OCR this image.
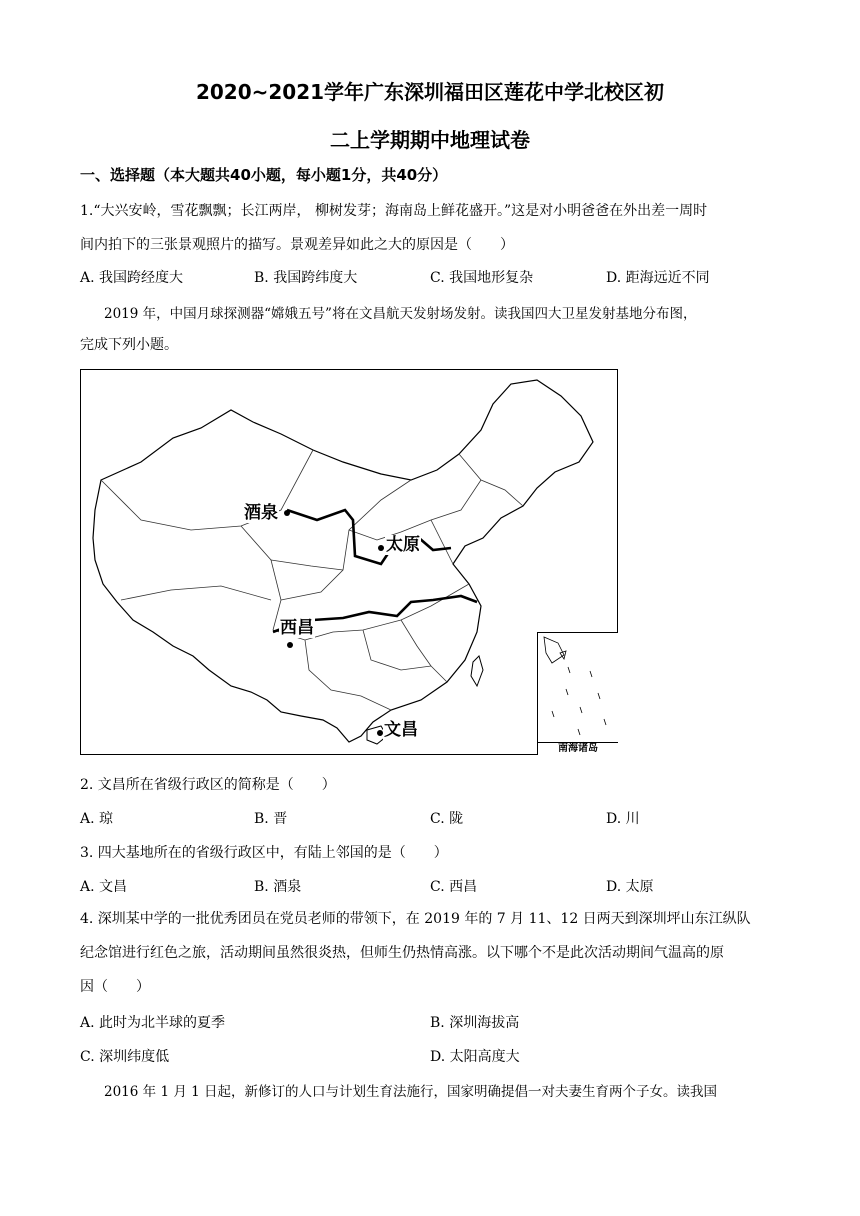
2020~2021学年广东深圳福田区莲花中学北校区初
二上学期期中地理试卷
一、选择题（本大题共40小题，每小题1分，共40分）
1.“大兴安岭，雪花飘飘；长江两岸， 柳树发芽；海南岛上鲜花盛开。”这是对小明爸爸在外出差一周时
间内拍下的三张景观照片的描写。景观差异如此之大的原因是（　　）
A. 我国跨经度大	B. 我国跨纬度大	C. 我国地形复杂	D. 距海远近不同
2019 年，中国月球探测器“嫦娥五号”将在文昌航天发射场发射。读我国四大卫星发射基地分布图，
完成下列小题。
酒泉
太原
西昌
文昌
南海诸岛
2. 文昌所在省级行政区的简称是（　　）
A. 琼	B. 晋	C. 陇	D. 川
3. 四大基地所在的省级行政区中，有陆上邻国的是（　　）
A. 文昌	B. 酒泉	C. 西昌	D. 太原
4. 深圳某中学的一批优秀团员在党员老师的带领下，在 2019 年的 7 月 11、12 日两天到深圳坪山东江纵队
纪念馆进行红色之旅，活动期间虽然很炎热，但师生仍热情高涨。以下哪个不是此次活动期间气温高的原
因（　　）
A. 此时为北半球的夏季	B. 深圳海拔高
C. 深圳纬度低	D. 太阳高度大
2016 年 1 月 1 日起，新修订的人口与计划生育法施行，国家明确提倡一对夫妻生育两个子女。读我国
